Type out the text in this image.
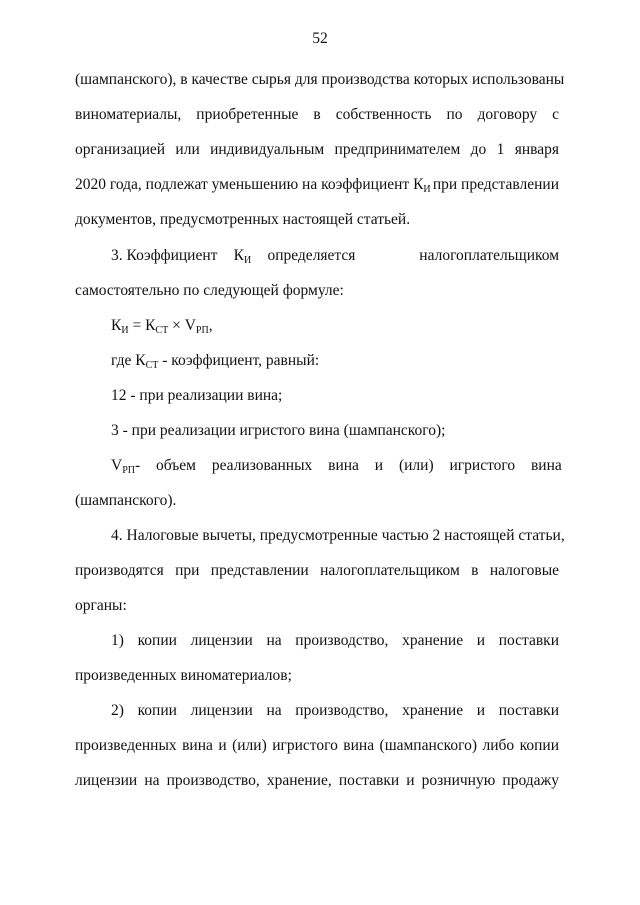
52
(шампанского), в качестве сырья для производства которых использованы
виноматериалы, приобретенные в собственность по договору с
организацией или индивидуальным предпринимателем до 1 января
2020 года, подлежат уменьшению на коэффициент $К_И$ при представлении
документов, предусмотренных настоящей статьей.
3. Коэффициент $К_И$ определяется налогоплательщиком
самостоятельно по следующей формуле:
$К_И = К_{СТ} \times V_{РП}$,
где $К_{СТ}$ - коэффициент, равный:
12 - при реализации вина;
3 - при реализации игристого вина (шампанского);
$V_{РП}$ - объем реализованных вина и (или) игристого вина
(шампанского).
4. Налоговые вычеты, предусмотренные частью 2 настоящей статьи,
производятся при представлении налогоплательщиком в налоговые
органы:
1) копии лицензии на производство, хранение и поставки
произведенных виноматериалов;
2) копии лицензии на производство, хранение и поставки
произведенных вина и (или) игристого вина (шампанского) либо копии
лицензии на производство, хранение, поставки и розничную продажу
